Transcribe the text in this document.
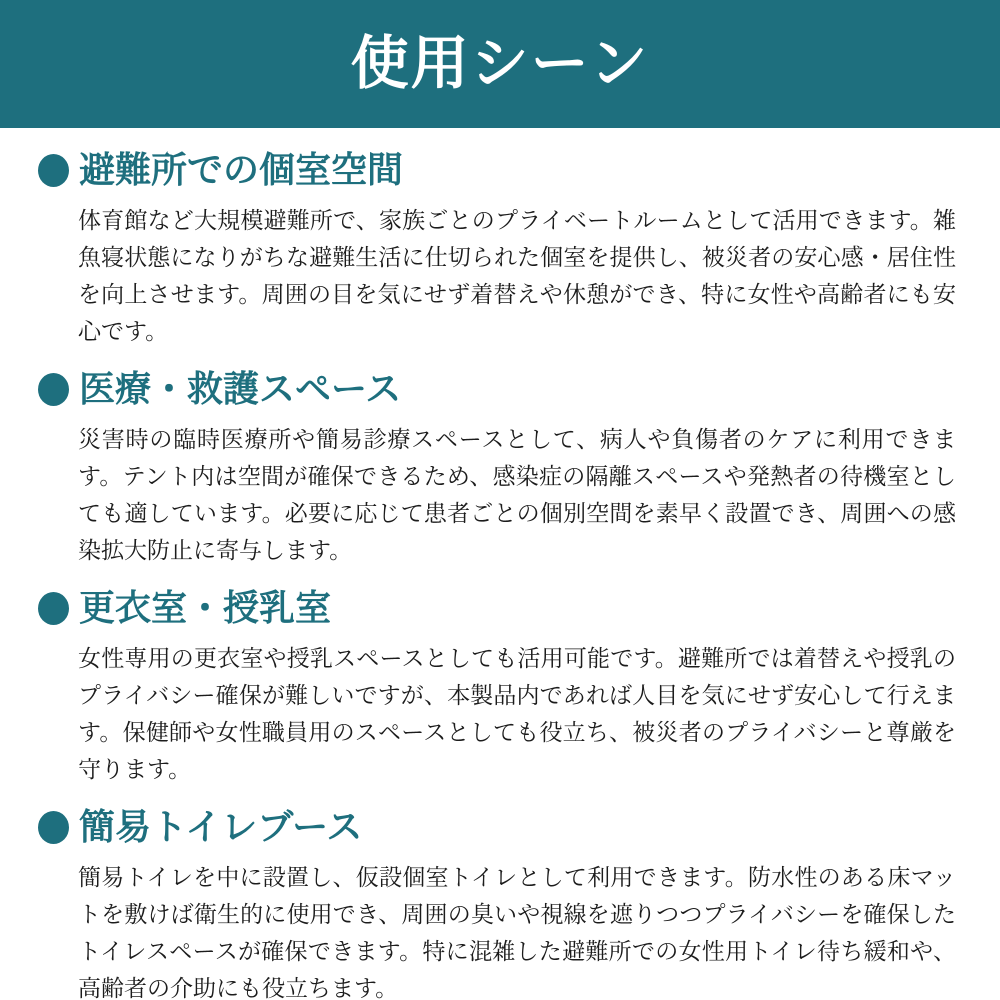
使用シーン
避難所での個室空間

体育館など大規模避難所で、家族ごとのプライベートルームとして活用できます。雑魚寝状態になりがちな避難生活に仕切られた個室を提供し、被災者の安心感・居住性を向上させます。周囲の目を気にせず着替えや休憩ができ、特に女性や高齢者にも安心です。

医療・救護スペース

災害時の臨時医療所や簡易診療スペースとして、病人や負傷者のケアに利用できます。テント内は空間が確保できるため、感染症の隔離スペースや発熱者の待機室としても適しています。必要に応じて患者ごとの個別空間を素早く設置でき、周囲への感染拡大防止に寄与します。

更衣室・授乳室

女性専用の更衣室や授乳スペースとしても活用可能です。避難所では着替えや授乳のプライバシー確保が難しいですが、本製品内であれば人目を気にせず安心して行えます。保健師や女性職員用のスペースとしても役立ち、被災者のプライバシーと尊厳を守ります。

簡易トイレブース

簡易トイレを中に設置し、仮設個室トイレとして利用できます。防水性のある床マットを敷けば衛生的に使用でき、周囲の臭いや視線を遮りつつプライバシーを確保したトイレスペースが確保できます。特に混雑した避難所での女性用トイレ待ち緩和や、高齢者の介助にも役立ちます。
